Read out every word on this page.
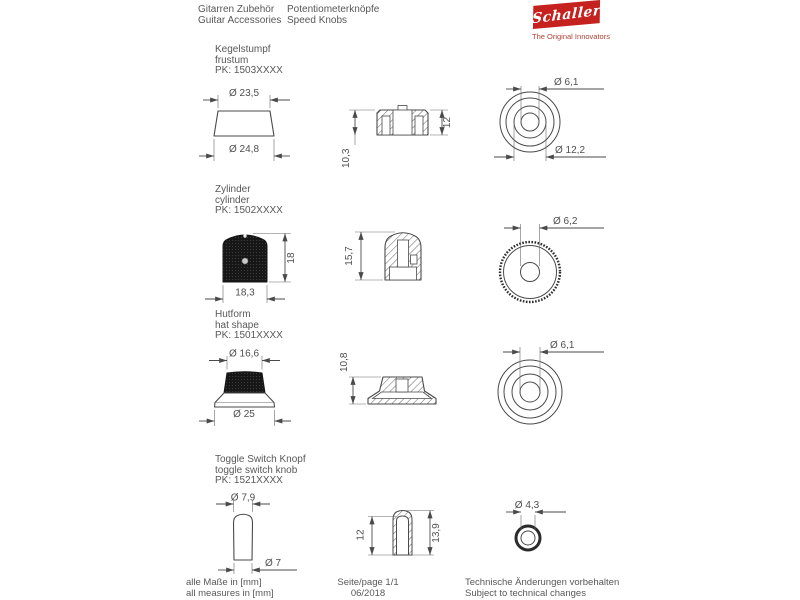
Gitarren Zubehör
Guitar Accessories
Potentiometerknöpfe
Speed Knobs	Schaller
The Original Innovators
Kegelstumpf
frustum
PK: 1503XXXX
Ø 23,5
Ø 24,8
12
10,3
Ø 6,1
Ø 12,2
Zylinder
cylinder
PK: 1502XXXX
18
18,3
15,7
Ø 6,2
Hutform
hat shape
PK: 1501XXXX
Ø 16,6
Ø 25
10,8
Ø 6,1
Toggle Switch Knopf
toggle switch knob
PK: 1521XXXX
Ø 7,9
Ø 7
12	13,9
Ø 4,3
alle Maße in [mm]
all measures in [mm]
Seite/page 1/1
06/2018
Technische Änderungen vorbehalten
Subject to technical changes
